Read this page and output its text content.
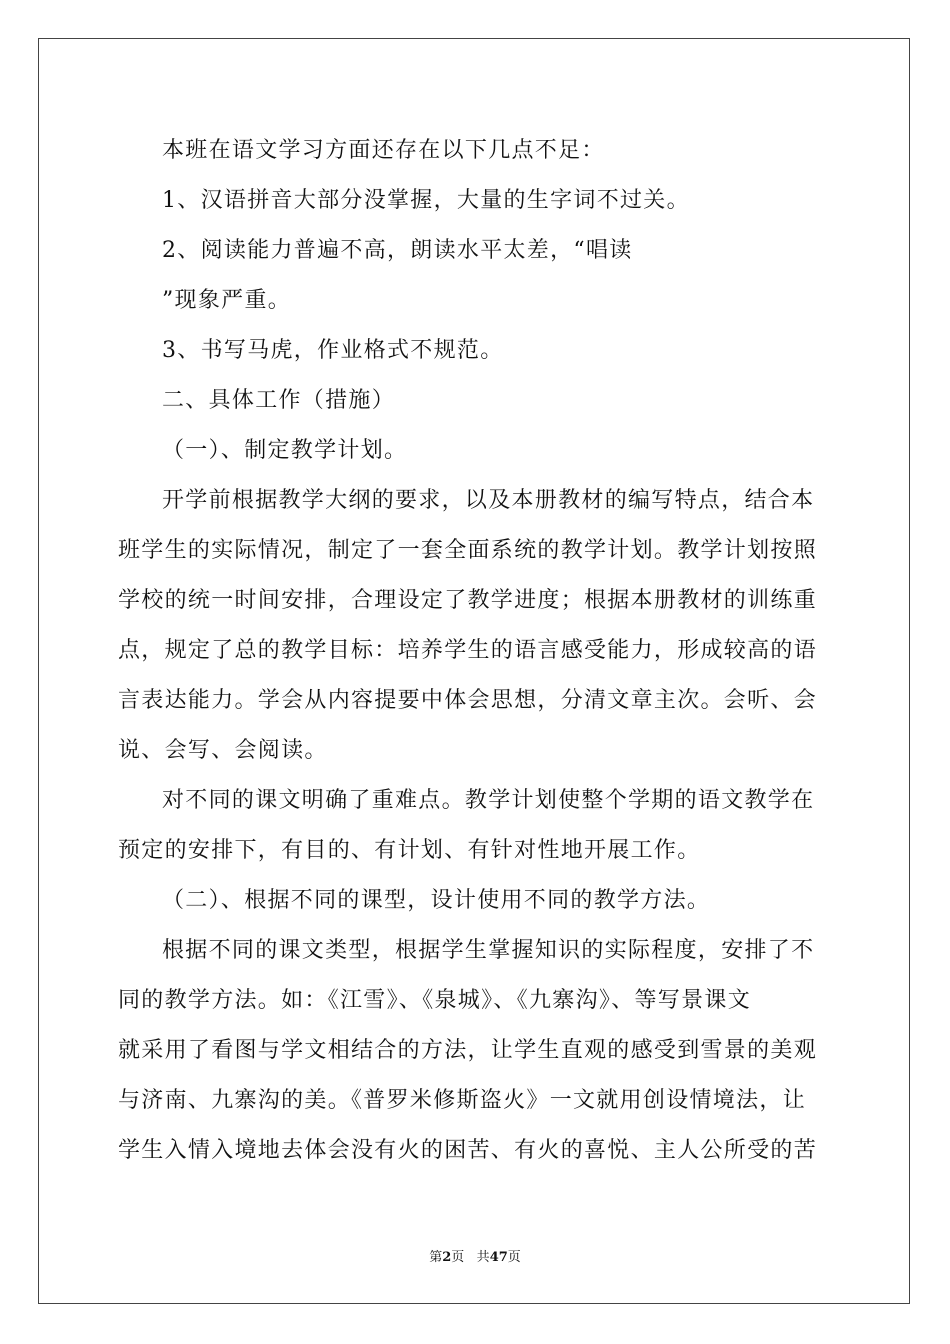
本班在语文学习方面还存在以下几点不足：

1、汉语拼音大部分没掌握，大量的生字词不过关。

2、阅读能力普遍不高，朗读水平太差，“唱读

”现象严重。

3、书写马虎，作业格式不规范。

二、具体工作（措施）

（一）、制定教学计划。

开学前根据教学大纲的要求，以及本册教材的编写特点，结合本

班学生的实际情况，制定了一套全面系统的教学计划。教学计划按照

学校的统一时间安排，合理设定了教学进度；根据本册教材的训练重

点，规定了总的教学目标：培养学生的语言感受能力，形成较高的语

言表达能力。学会从内容提要中体会思想，分清文章主次。会听、会

说、会写、会阅读。

对不同的课文明确了重难点。教学计划使整个学期的语文教学在

预定的安排下，有目的、有计划、有针对性地开展工作。

（二）、根据不同的课型，设计使用不同的教学方法。

根据不同的课文类型，根据学生掌握知识的实际程度，安排了不

同的教学方法。如：《江雪》、《泉城》、《九寨沟》、等写景课文

就采用了看图与学文相结合的方法，让学生直观的感受到雪景的美观

与济南、九寨沟的美。《普罗米修斯盗火》一文就用创设情境法，让

学生入情入境地去体会没有火的困苦、有火的喜悦、主人公所受的苦

第2页 共47页
